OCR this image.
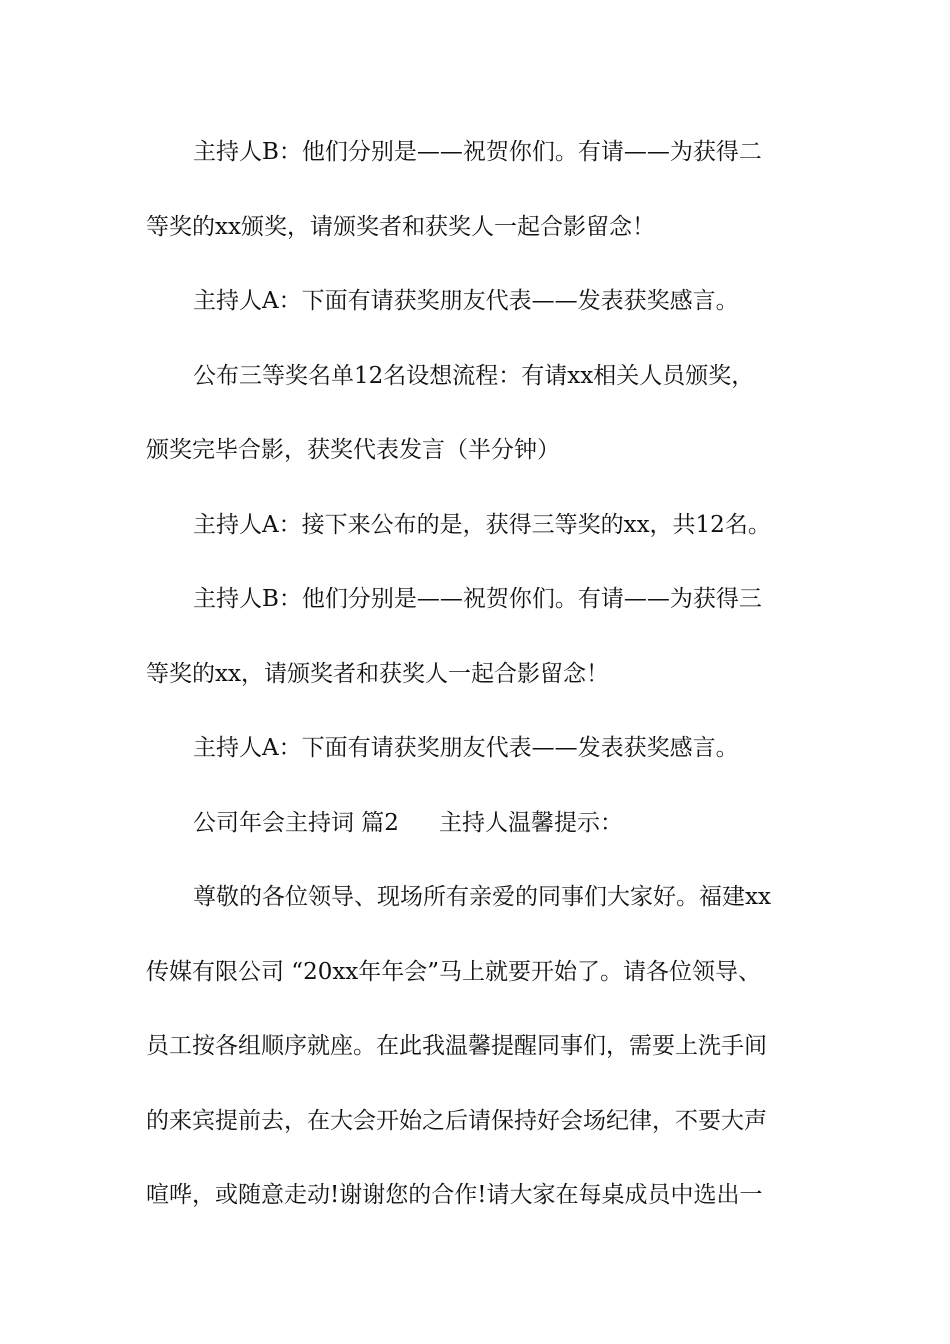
主持人B：他们分别是——祝贺你们。有请——为获得二
等奖的xx颁奖，请颁奖者和获奖人一起合影留念！
主持人A：下面有请获奖朋友代表——发表获奖感言。
公布三等奖名单12名设想流程：有请xx相关人员颁奖，
颁奖完毕合影，获奖代表发言（半分钟）
主持人A：接下来公布的是，获得三等奖的xx，共12名。
主持人B：他们分别是——祝贺你们。有请——为获得三
等奖的xx，请颁奖者和获奖人一起合影留念！
主持人A：下面有请获奖朋友代表——发表获奖感言。
公司年会主持词 篇2 主持人温馨提示：
尊敬的各位领导、现场所有亲爱的同事们大家好。福建xx
传媒有限公司 “20xx年年会”马上就要开始了。请各位领导、
员工按各组顺序就座。在此我温馨提醒同事们，需要上洗手间
的来宾提前去，在大会开始之后请保持好会场纪律，不要大声
喧哗，或随意走动!谢谢您的合作!请大家在每桌成员中选出一
